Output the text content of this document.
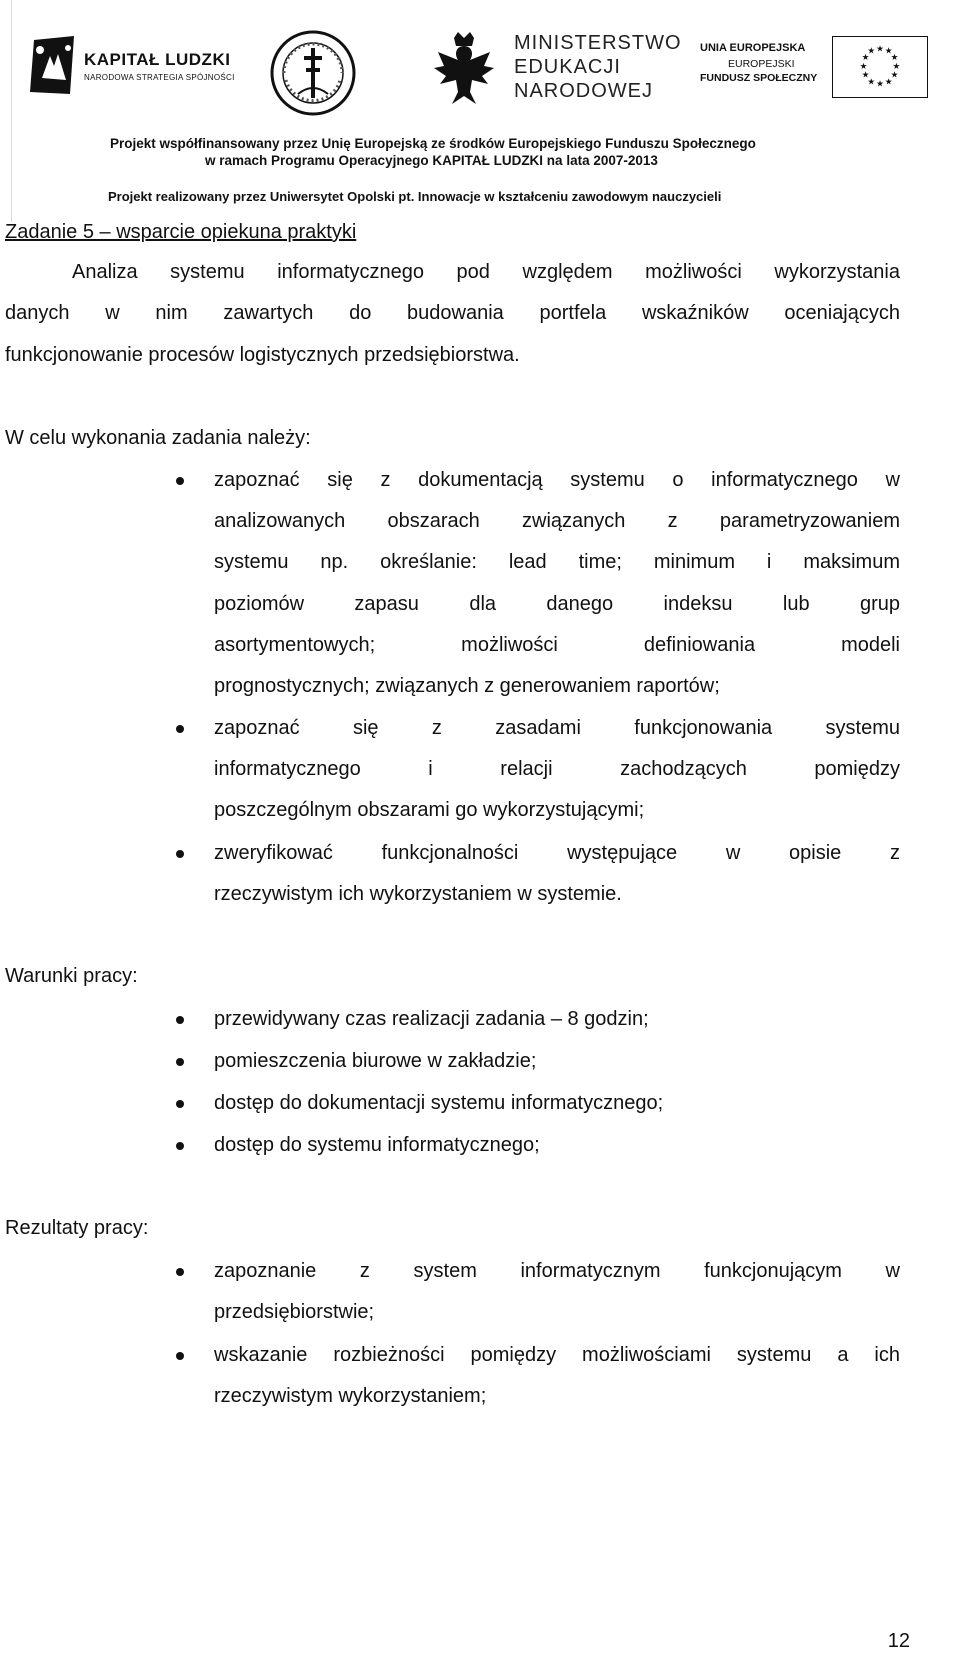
KAPITAŁ LUDZKI
NARODOWA STRATEGIA SPÓJNOŚCI
MINISTERSTWO
EDUKACJI
NARODOWEJ
UNIA EUROPEJSKA
EUROPEJSKI
FUNDUSZ SPOŁECZNY
★ ★
★
★
★
★
★
★
★
★
★
★
Projekt współfinansowany przez Unię Europejską ze środków Europejskiego Funduszu Społecznego
w ramach Programu Operacyjnego KAPITAŁ LUDZKI na lata 2007-2013
Projekt realizowany przez Uniwersytet Opolski pt. Innowacje w kształceniu zawodowym nauczycieli
Zadanie 5 – wsparcie opiekuna praktyki
Analiza systemu informatycznego pod względem możliwości wykorzystania
danych w nim zawartych do budowania portfela wskaźników oceniających
funkcjonowanie procesów logistycznych przedsiębiorstwa.
W celu wykonania zadania należy:
zapoznać się z dokumentacją systemu o informatycznego w
analizowanych obszarach związanych z parametryzowaniem
systemu np. określanie: lead time; minimum i maksimum
poziomów zapasu dla danego indeksu lub grup
asortymentowych; możliwości definiowania modeli
prognostycznych; związanych z generowaniem raportów;
zapoznać się z zasadami funkcjonowania systemu
informatycznego i relacji zachodzących pomiędzy
poszczególnym obszarami go wykorzystującymi;
zweryfikować funkcjonalności występujące w opisie z
rzeczywistym ich wykorzystaniem w systemie.
Warunki pracy:
przewidywany czas realizacji zadania – 8 godzin;
pomieszczenia biurowe w zakładzie;
dostęp do dokumentacji systemu informatycznego;
dostęp do systemu informatycznego;
Rezultaty pracy:
zapoznanie z system informatycznym funkcjonującym w
przedsiębiorstwie;
wskazanie rozbieżności pomiędzy możliwościami systemu a ich
rzeczywistym wykorzystaniem;
12
